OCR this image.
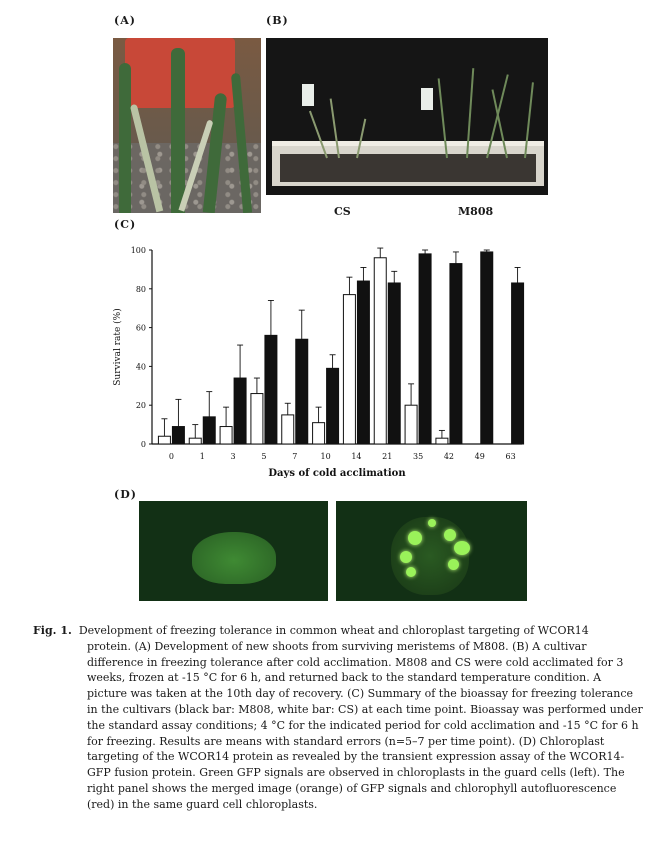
(A)	(B)
(C)
(D)
CS	M808
0
20
40
60
80
100
Survival rate (%)
Days of cold acclimation
0	1	3	5	7	10	14	21	35	42	49	63
Fig. 1. Development of freezing tolerance in common wheat and chloroplast targeting of WCOR14
protein. (A) Development of new shoots from surviving meristems of M808. (B) A cultivar difference in freezing tolerance after cold acclimation. M808 and CS were cold acclimated for 3 weeks, frozen at -15 °C for 6 h, and returned back to the standard temperature condition. A picture was taken at the 10th day of recovery. (C) Summary of the bioassay for freezing tolerance in the cultivars (black bar: M808, white bar: CS) at each time point. Bioassay was performed under the standard assay conditions; 4 °C for the indicated period for cold acclimation and -15 °C for 6 h for freezing. Results are means with standard errors (n=5–7 per time point). (D) Chloroplast targeting of the WCOR14 protein as revealed by the transient expression assay of the WCOR14-GFP fusion protein. Green GFP signals are observed in chloroplasts in the guard cells (left). The right panel shows the merged image (orange) of GFP signals and chlorophyll autofluorescence (red) in the same guard cell chloroplasts.
